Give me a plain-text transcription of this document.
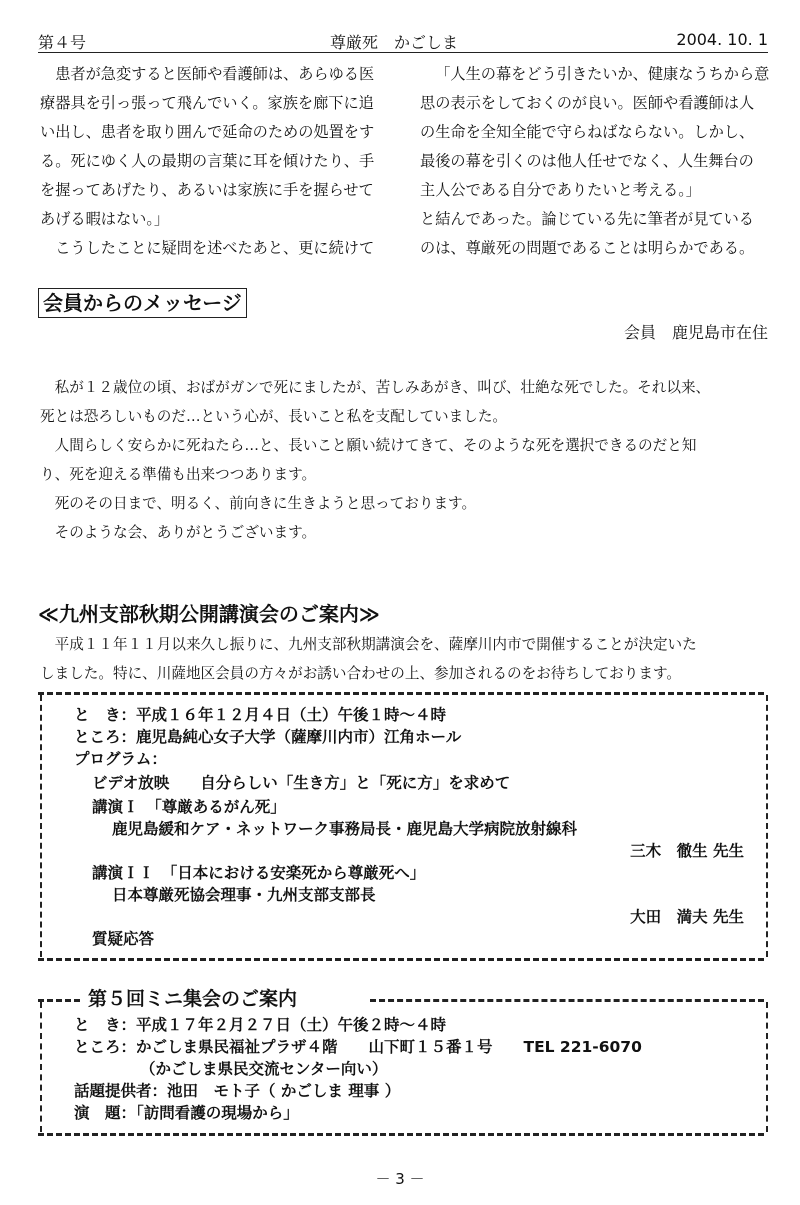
第４号	尊厳死　かごしま	2004. 10. 1

患者が急変すると医師や看護師は、あらゆる医

療器具を引っ張って飛んでいく。家族を廊下に追

い出し、患者を取り囲んで延命のための処置をす

る。死にゆく人の最期の言葉に耳を傾けたり、手

を握ってあげたり、あるいは家族に手を握らせて

あげる暇はない。」

こうしたことに疑問を述べたあと、更に続けて

「人生の幕をどう引きたいか、健康なうちから意

思の表示をしておくのが良い。医師や看護師は人

の生命を全知全能で守らねばならない。しかし、

最後の幕を引くのは他人任せでなく、人生舞台の

主人公である自分でありたいと考える。」

と結んであった。論じている先に筆者が見ている

のは、尊厳死の問題であることは明らかである。

会員からのメッセージ
会員　鹿児島市在住

私が１２歳位の頃、おばがガンで死にましたが、苦しみあがき、叫び、壮絶な死でした。それ以来、

死とは恐ろしいものだ…という心が、長いこと私を支配していました。

人間らしく安らかに死ねたら…と、長いこと願い続けてきて、そのような死を選択できるのだと知

り、死を迎える準備も出来つつあります。

死のその日まで、明るく、前向きに生きようと思っております。

そのような会、ありがとうございます。

≪九州支部秋期公開講演会のご案内≫

平成１１年１１月以来久し振りに、九州支部秋期講演会を、薩摩川内市で開催することが決定いた

しました。特に、川薩地区会員の方々がお誘い合わせの上、参加されるのをお待ちしております。

と　き：平成１６年１２月４日（土）午後１時～４時
ところ：鹿児島純心女子大学（薩摩川内市）江角ホール
プログラム：
ビデオ放映　　自分らしい「生き方」と「死に方」を求めて
講演Ｉ　「尊厳あるがん死」
鹿児島緩和ケア・ネットワーク事務局長・鹿児島大学病院放射線科
三木　徹生 先生
講演ＩＩ　「日本における安楽死から尊厳死へ」
日本尊厳死協会理事・九州支部支部長
大田　満夫 先生
質疑応答
第５回ミニ集会のご案内
と　き：平成１７年２月２７日（土）午後２時～４時
ところ：かごしま県民福祉プラザ４階　　山下町１５番１号　　TEL 221-6070
（かごしま県民交流センター向い）
話題提供者：池田　モト子（ かごしま 理事 ）
演　題：「訪問看護の現場から」
－ 3 －
